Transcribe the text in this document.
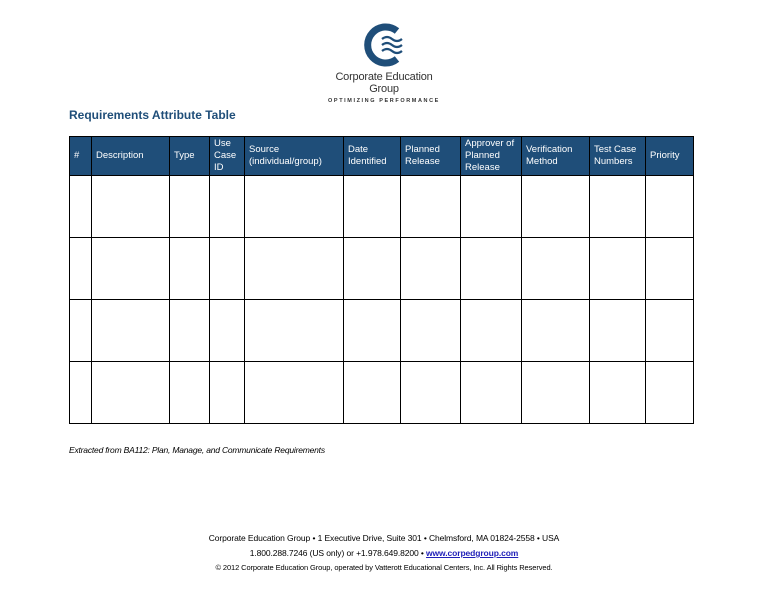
Corporate Education Group
OPTIMIZING PERFORMANCE
Requirements Attribute Table
#	Description	Type	Use Case ID	Source (individual/group)	Date Identified	Planned Release	Approver of Planned Release	Verification Method	Test Case Numbers	Priority

Extracted from BA112: Plan, Manage, and Communicate Requirements
Corporate Education Group • 1 Executive Drive, Suite 301 • Chelmsford, MA 01824-2558 • USA
1.800.288.7246 (US only) or +1.978.649.8200 • www.corpedgroup.com
© 2012 Corporate Education Group, operated by Vatterott Educational Centers, Inc. All Rights Reserved.
